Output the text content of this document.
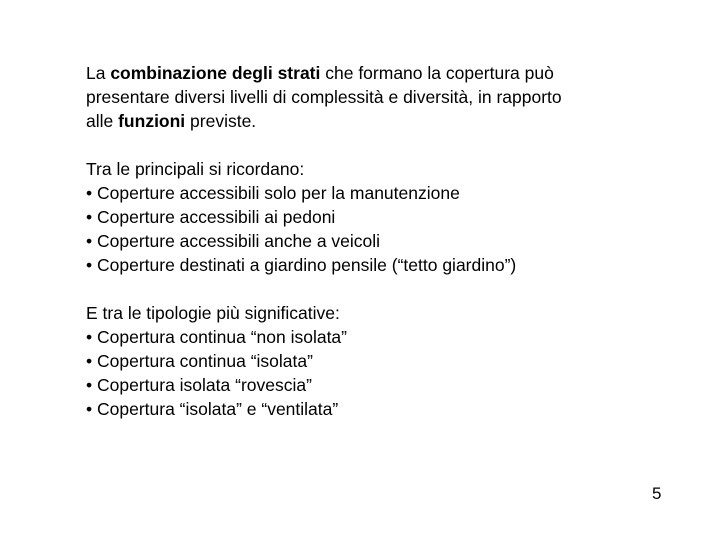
La combinazione degli strati che formano la copertura può
presentare diversi livelli di complessità e diversità, in rapporto
alle funzioni previste.

Tra le principali si ricordano:
• Coperture accessibili solo per la manutenzione
• Coperture accessibili ai pedoni
• Coperture accessibili anche a veicoli
• Coperture destinati a giardino pensile (“tetto giardino”)

E tra le tipologie più significative:
• Copertura continua “non isolata”
• Copertura continua “isolata”
• Copertura isolata “rovescia”
• Copertura “isolata” e “ventilata”

5
